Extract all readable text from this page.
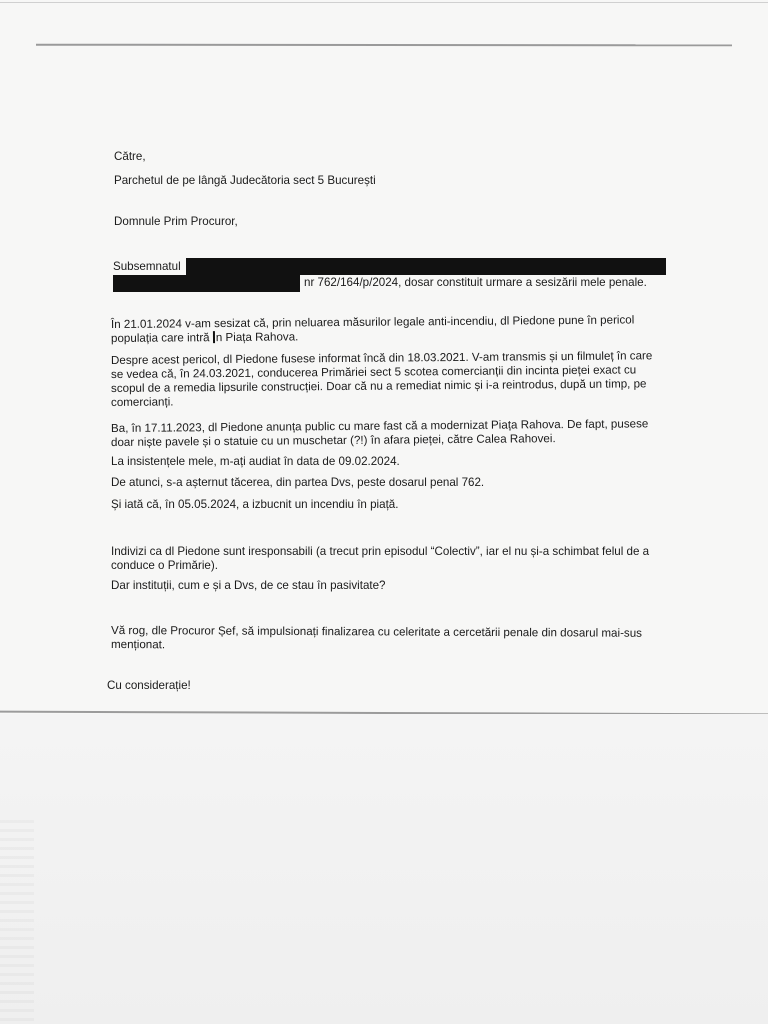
Către,
Parchetul de pe lângă Judecătoria sect 5 București
Domnule Prim Procuror,
Subsemnatul
nr 762/164/p/2024, dosar constituit urmare a sesizării mele penale.
În 21.01.2024 v-am sesizat că, prin neluarea măsurilor legale anti-incendiu, dl Piedone pune în pericol
populația care intră n Piața Rahova.
Despre acest pericol, dl Piedone fusese informat încă din 18.03.2021. V-am transmis și un filmuleț în care
se vedea că, în 24.03.2021, conducerea Primăriei sect 5 scotea comercianții din incinta pieței exact cu
scopul de a remedia lipsurile construcției. Doar că nu a remediat nimic și i-a reintrodus, după un timp, pe
comercianți.
Ba, în 17.11.2023, dl Piedone anunța public cu mare fast că a modernizat Piața Rahova. De fapt, pusese
doar niște pavele și o statuie cu un muschetar (?!) în afara pieței, către Calea Rahovei.
La insistențele mele, m-ați audiat în data de 09.02.2024.
De atunci, s-a așternut tăcerea, din partea Dvs, peste dosarul penal 762.
Și iată că, în 05.05.2024, a izbucnit un incendiu în piață.
Indivizi ca dl Piedone sunt iresponsabili (a trecut prin episodul “Colectiv”, iar el nu și-a schimbat felul de a
conduce o Primărie).
Dar instituții, cum e și a Dvs, de ce stau în pasivitate?
Vă rog, dle Procuror Șef, să impulsionați finalizarea cu celeritate a cercetării penale din dosarul mai-sus
menționat.
Cu considerație!
